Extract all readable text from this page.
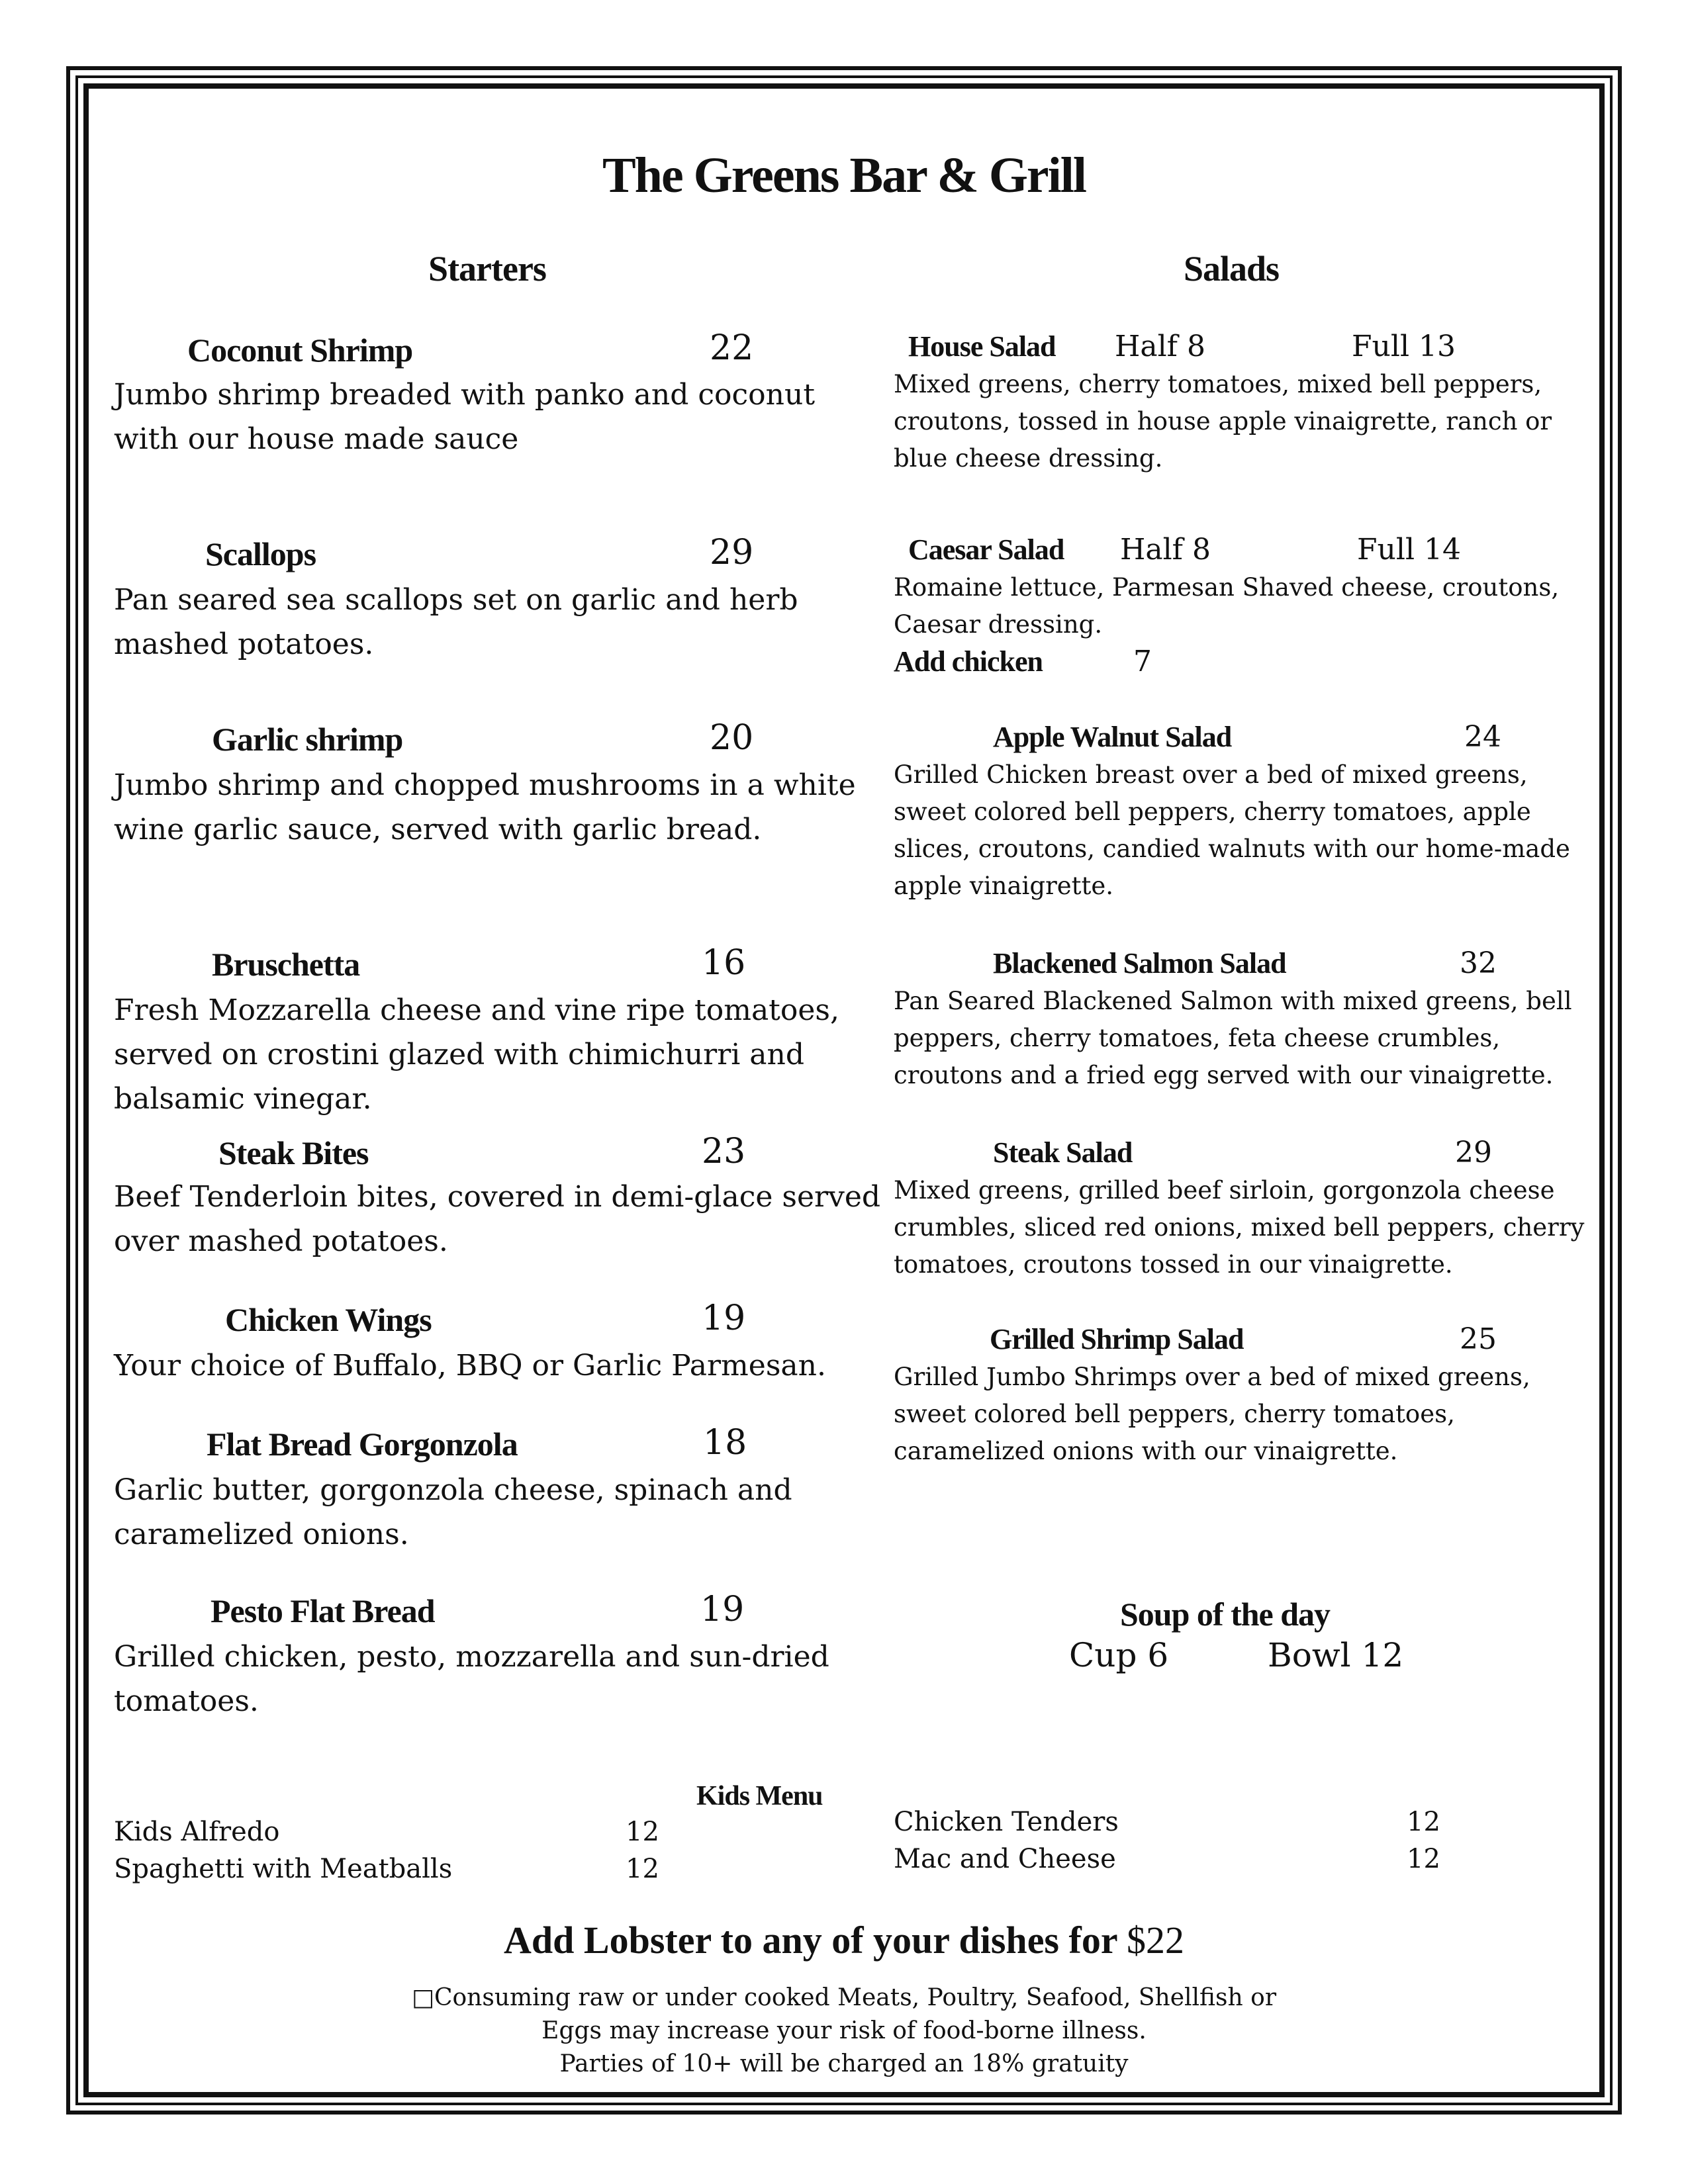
The Greens Bar & Grill
Starters	Salads
Coconut Shrimp	22
Jumbo shrimp breaded with panko and coconut
with our house made sauce
Scallops	29
Pan seared sea scallops set on garlic and herb
mashed potatoes.
Garlic shrimp	20
Jumbo shrimp and chopped mushrooms in a white
wine garlic sauce, served with garlic bread.
Bruschetta	16
Fresh Mozzarella cheese and vine ripe tomatoes,
served on crostini glazed with chimichurri and
balsamic vinegar.
Steak Bites	23
Beef Tenderloin bites, covered in demi-glace served
over mashed potatoes.
Chicken Wings	19
Your choice of Buffalo, BBQ or Garlic Parmesan.
Flat Bread Gorgonzola	18
Garlic butter, gorgonzola cheese, spinach and
caramelized onions.
Pesto Flat Bread	19
Grilled chicken, pesto, mozzarella and sun-dried
tomatoes.
House Salad Half 8	Full 13
Mixed greens, cherry tomatoes, mixed bell peppers,
croutons, tossed in house apple vinaigrette, ranch or
blue cheese dressing.
Caesar Salad Half 8	Full 14
Romaine lettuce, Parmesan Shaved cheese, croutons,
Caesar dressing.
Add chicken	7
Apple Walnut Salad	24
Grilled Chicken breast over a bed of mixed greens,
sweet colored bell peppers, cherry tomatoes, apple
slices, croutons, candied walnuts with our home-made
apple vinaigrette.
Blackened Salmon Salad	32
Pan Seared Blackened Salmon with mixed greens, bell
peppers, cherry tomatoes, feta cheese crumbles,
croutons and a fried egg served with our vinaigrette.
Steak Salad	29
Mixed greens, grilled beef sirloin, gorgonzola cheese
crumbles, sliced red onions, mixed bell peppers, cherry
tomatoes, croutons tossed in our vinaigrette.
Grilled Shrimp Salad	25
Grilled Jumbo Shrimps over a bed of mixed greens,
sweet colored bell peppers, cherry tomatoes,
caramelized onions with our vinaigrette.
Soup of the day
Cup 6	Bowl 12
Kids Menu
Kids Alfredo	12
Spaghetti with Meatballs	12
Chicken Tenders	12
Mac and Cheese	12
Add Lobster to any of your dishes for $22
□Consuming raw or under cooked Meats, Poultry, Seafood, Shellfish or
Eggs may increase your risk of food-borne illness.
Parties of 10+ will be charged an 18% gratuity
